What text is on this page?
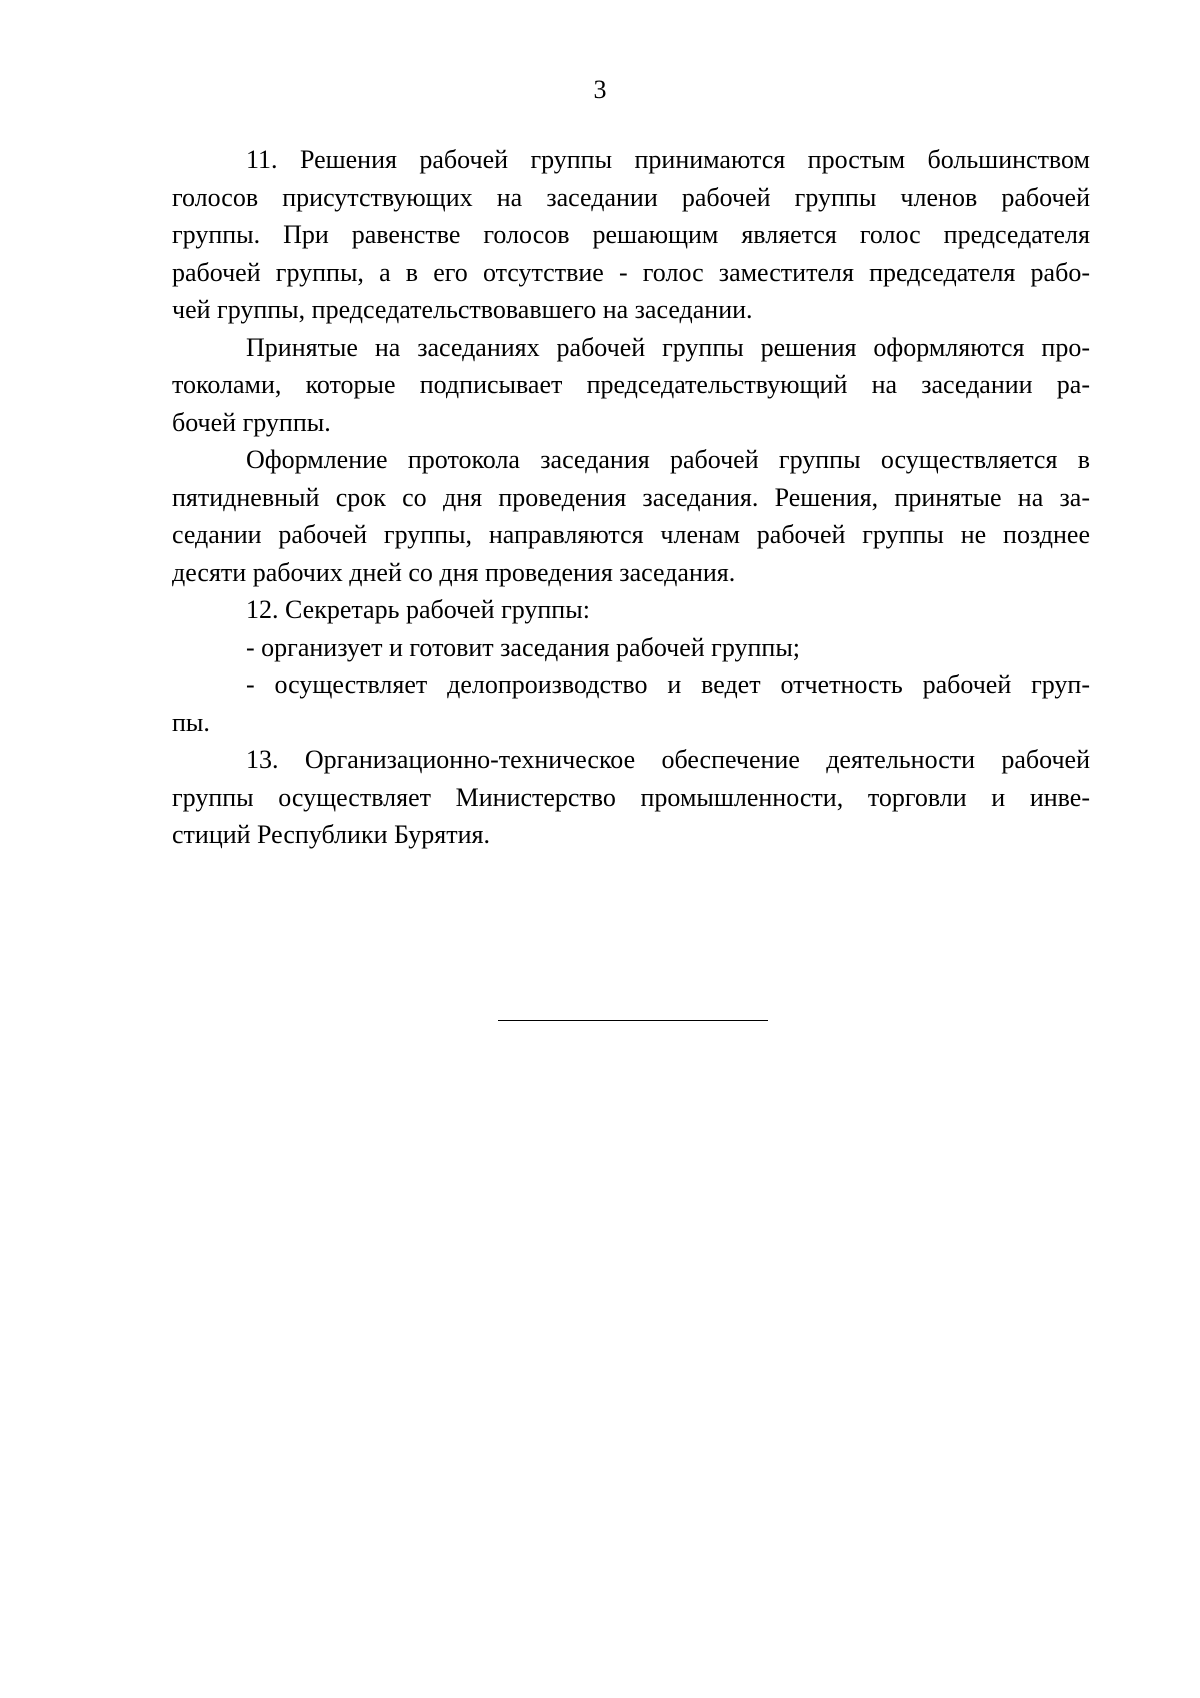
3
11. Решения рабочей группы принимаются простым большинством
голосов присутствующих на заседании рабочей группы членов рабочей
группы. При равенстве голосов решающим является голос председателя
рабочей группы, а в его отсутствие - голос заместителя председателя рабо-
чей группы, председательствовавшего на заседании.
Принятые на заседаниях рабочей группы решения оформляются про-
токолами, которые подписывает председательствующий на заседании ра-
бочей группы.
Оформление протокола заседания рабочей группы осуществляется в
пятидневный срок со дня проведения заседания. Решения, принятые на за-
седании рабочей группы, направляются членам рабочей группы не позднее
десяти рабочих дней со дня проведения заседания.
12. Секретарь рабочей группы:
- организует и готовит заседания рабочей группы;
- осуществляет делопроизводство и ведет отчетность рабочей груп-
пы.
13. Организационно-техническое обеспечение деятельности рабочей
группы осуществляет Министерство промышленности, торговли и инве-
стиций Республики Бурятия.
